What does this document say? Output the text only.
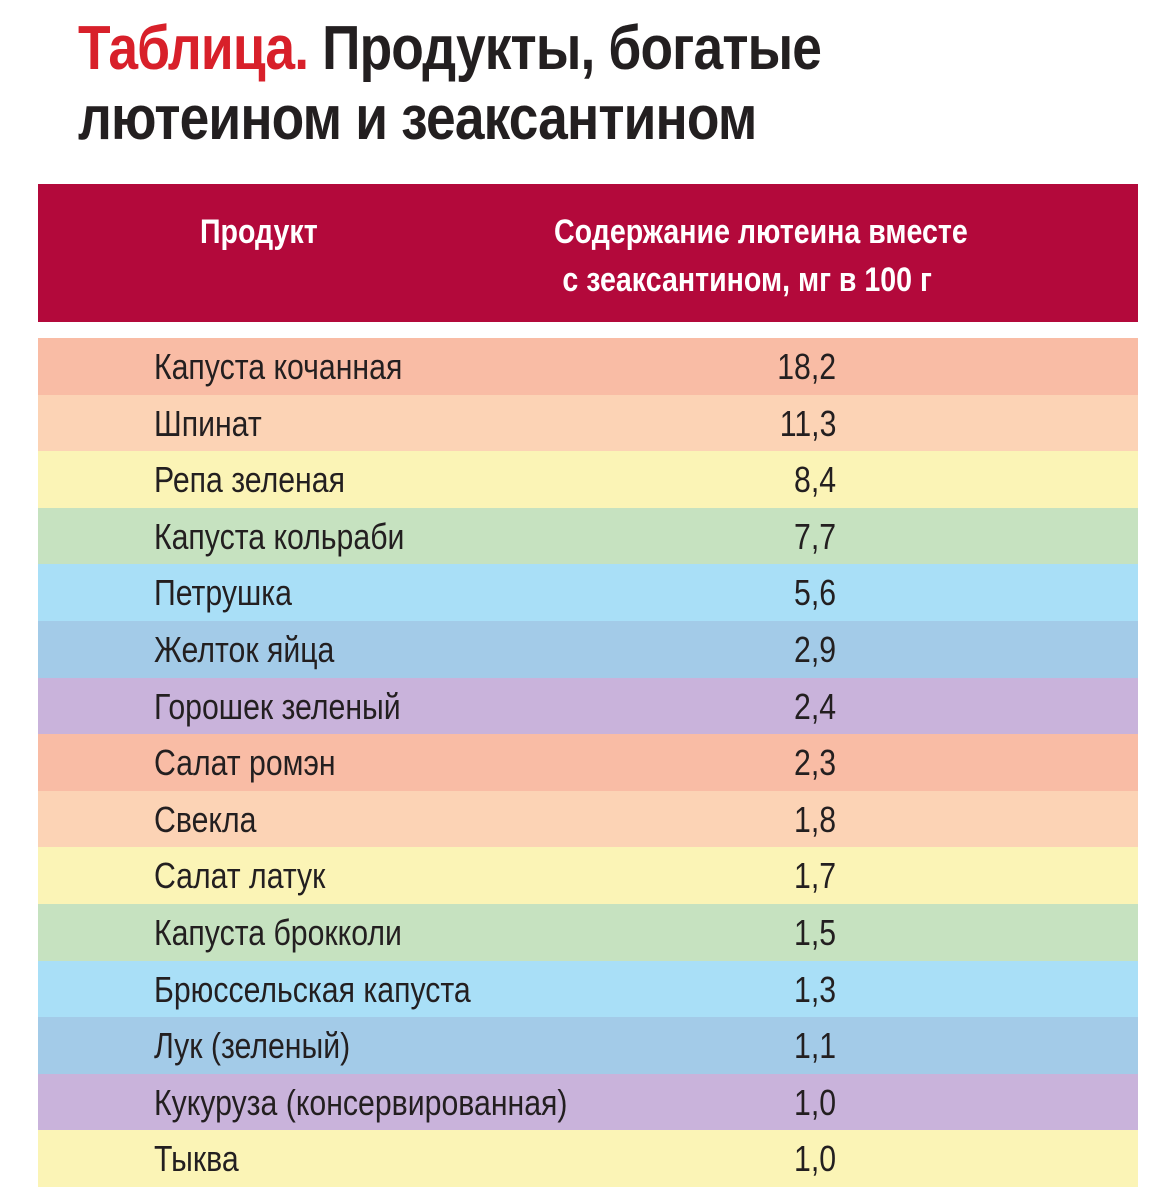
Таблица. Продукты, богатые
лютеином и зеаксантином
Продукт	Содержание лютеина вместе
с зеаксантином, мг в 100 г
Капуста кочанная	18,2
Шпинат	11,3
Репа зеленая	8,4
Капуста кольраби	7,7
Петрушка	5,6
Желток яйца	2,9
Горошек зеленый	2,4
Салат ромэн	2,3
Свекла	1,8
Салат латук	1,7
Капуста брокколи	1,5
Брюссельская капуста	1,3
Лук (зеленый)	1,1
Кукуруза (консервированная)	1,0
Тыква	1,0
